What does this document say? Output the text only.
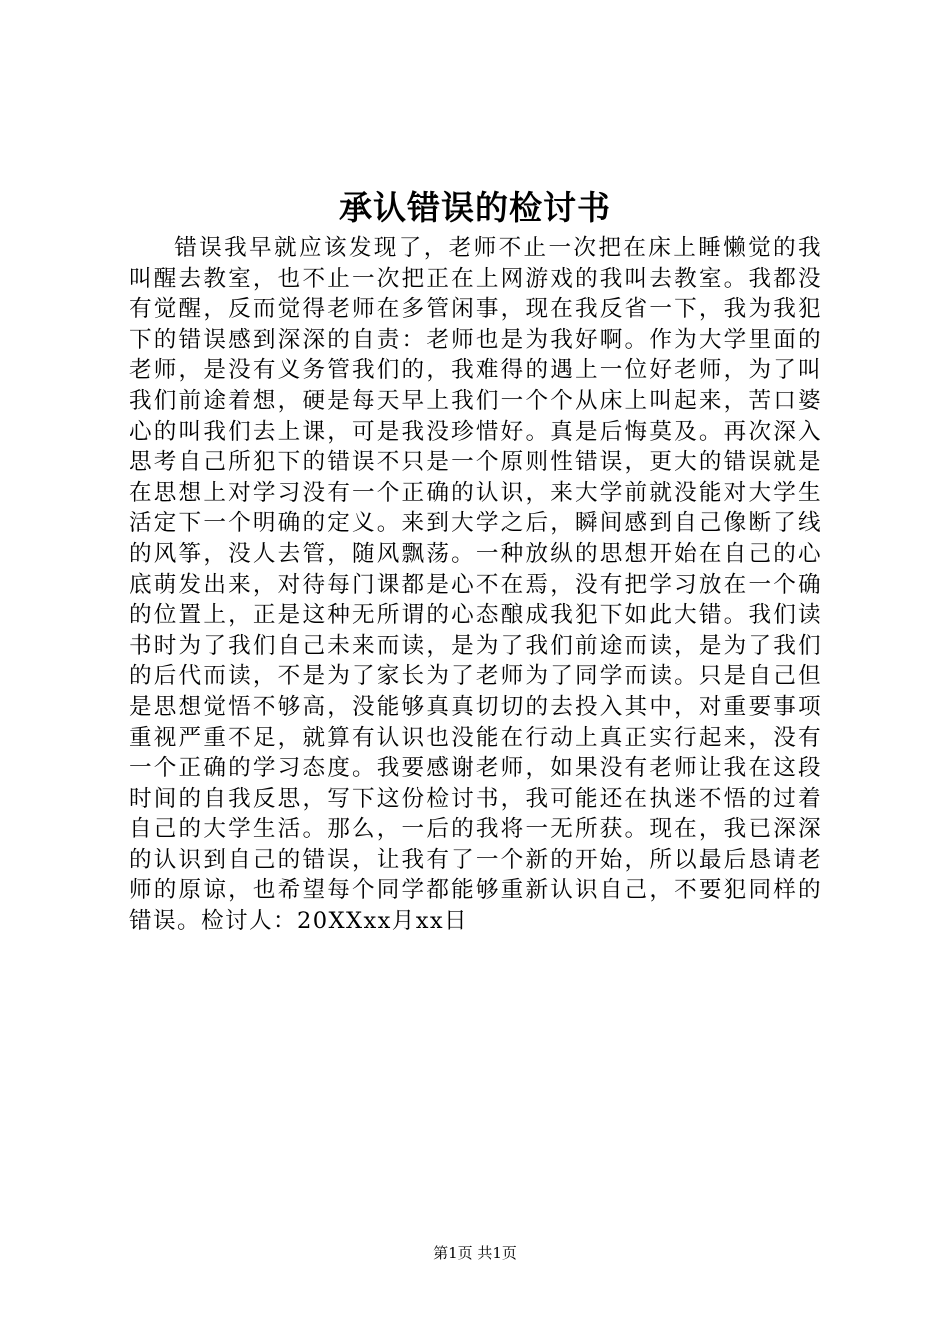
承认错误的检讨书

错误我早就应该发现了，老师不止一次把在床上睡懒觉的我叫醒去教室，也不止一次把正在上网游戏的我叫去教室。我都没有觉醒，反而觉得老师在多管闲事，现在我反省一下，我为我犯下的错误感到深深的自责：老师也是为我好啊。作为大学里面的老师，是没有义务管我们的，我难得的遇上一位好老师，为了叫我们前途着想，硬是每天早上我们一个个从床上叫起来，苦口婆心的叫我们去上课，可是我没珍惜好。真是后悔莫及。再次深入思考自己所犯下的错误不只是一个原则性错误，更大的错误就是在思想上对学习没有一个正确的认识，来大学前就没能对大学生活定下一个明确的定义。来到大学之后，瞬间感到自己像断了线的风筝，没人去管，随风飘荡。一种放纵的思想开始在自己的心底萌发出来，对待每门课都是心不在焉，没有把学习放在一个确的位置上，正是这种无所谓的心态酿成我犯下如此大错。我们读书时为了我们自己未来而读，是为了我们前途而读，是为了我们的后代而读，不是为了家长为了老师为了同学而读。只是自己但是思想觉悟不够高，没能够真真切切的去投入其中，对重要事项重视严重不足，就算有认识也没能在行动上真正实行起来，没有一个正确的学习态度。我要感谢老师，如果没有老师让我在这段时间的自我反思，写下这份检讨书，我可能还在执迷不悟的过着自己的大学生活。那么，一后的我将一无所获。现在，我已深深的认识到自己的错误，让我有了一个新的开始，所以最后恳请老师的原谅，也希望每个同学都能够重新认识自己，不要犯同样的错误。检讨人：20XXxx月xx日

第1页 共1页
